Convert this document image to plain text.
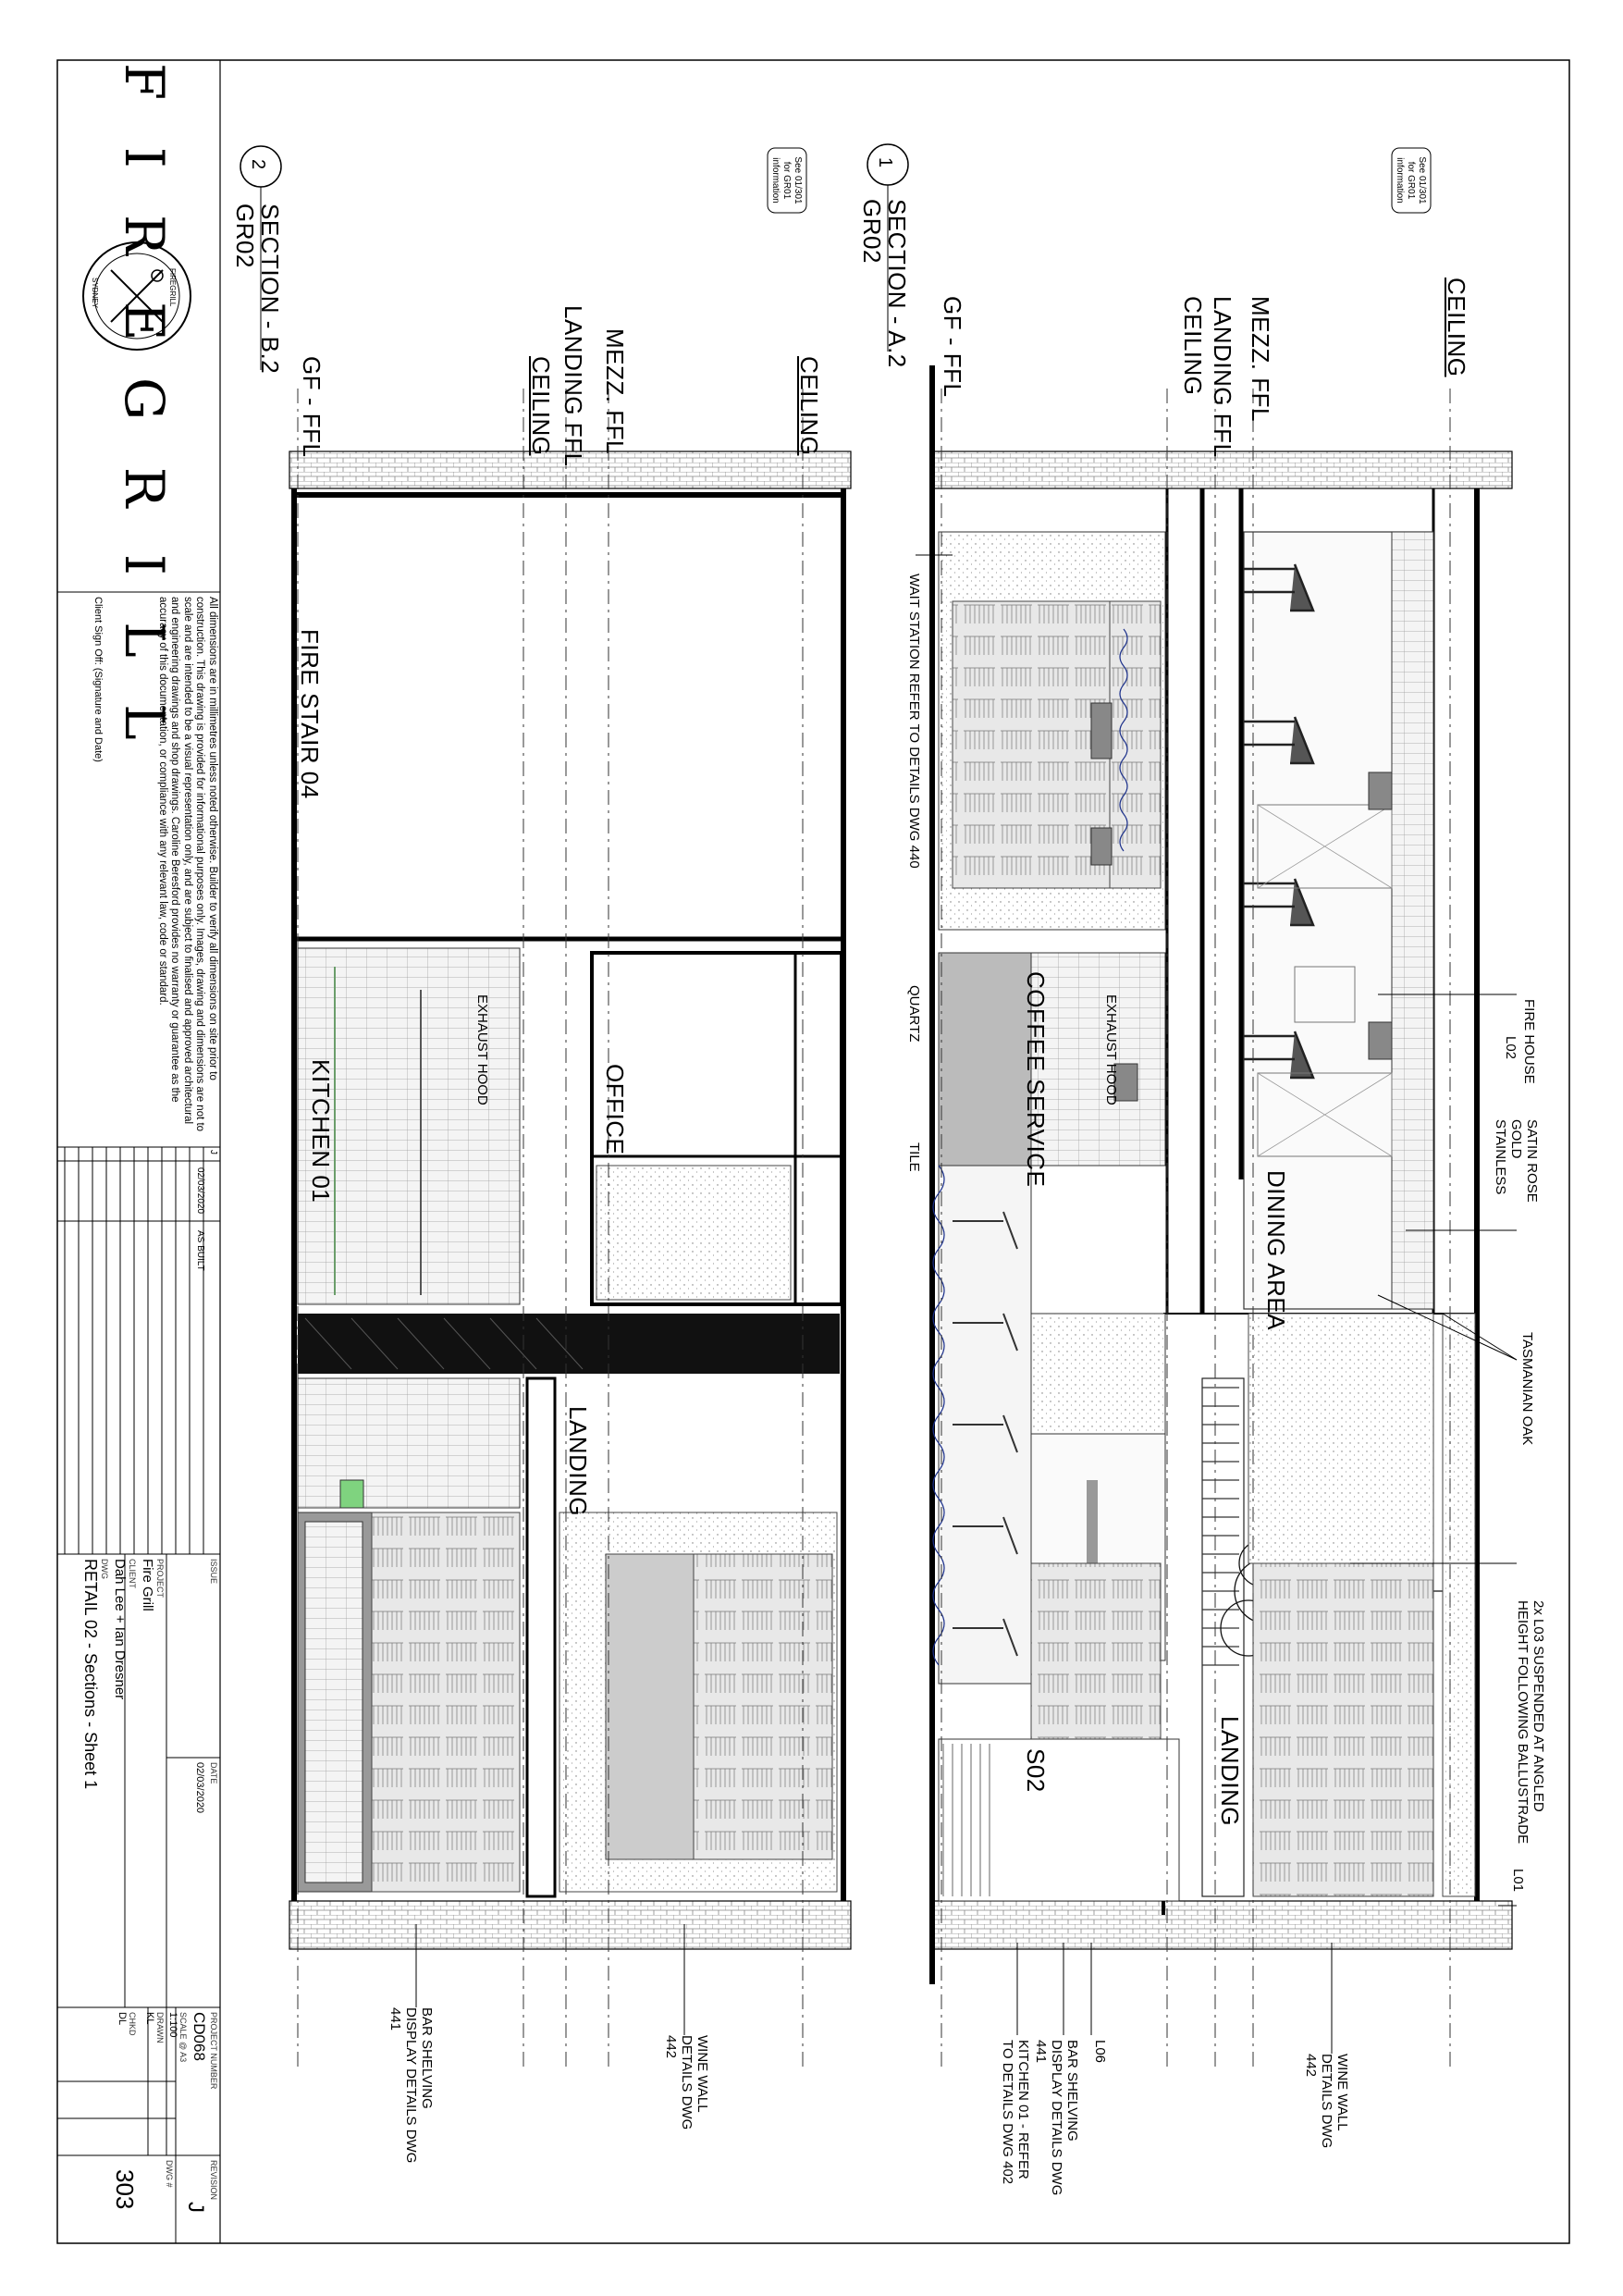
F I R E
G R I L L
FIREGRILL
SYDNEY
All dimensions are in millimetres unless noted otherwise. Builder to verify all dimensions on site prior to construction. This drawing is provided for informational purposes only. Images, drawing and dimensions are not to scale and are intended to be a visual representation only, and are subject to finalised and approved architectural and engineering drawings and shop drawings. Caroline Beresford provides no warranty or guarantee as the accuracy of this documentation, or compliance with any relevant law, code or standard.
Client Sign Off: (Signature and Date)
J
02/03/2020
AS BUILT
ISSUE
DATE
02/03/2020
PROJECT
Fire Grill
CLIENT
Dah Lee + Ian Dresner
DWG
RETAIL 02 - Sections - Sheet 1
PROJECT NUMBER
CD068
SCALE @ A3
1:100
DRAWN
KL
CHKD
DL
REVISION
J
DWG #
303
1
SECTION - A.2
GR02
See 01/301 for GR01 information
CEILING
MEZZ. FFL
LANDING FFL
CEILING
GF - FFL
FIRE HOUSE
L02
SATIN ROSE GOLD STAINLESS
TASMANIAN OAK
2x L03 SUSPENDED AT ANGLED HEIGHT FOLLOWING BALLUSTRADE
L01
DINING AREA
LANDING
COFFEE SERVICE	EXHAUST HOOD
QUARTZ
TILE
WAIT STATION REFER TO DETAILS DWG 440
S02
WINE WALL DETAILS DWG 442
L06
BAR SHELVING DISPLAY DETAILS DWG 441
KITCHEN 01 - REFER TO DETAILS DWG 402
2
SECTION - B.2
GR02
See 01/301 for GR01 information
CEILING
MEZZ. FFL
LANDING FFL
CEILING
GF - FFL
FIRE STAIR 04
KITCHEN 01
EXHAUST HOOD
OFFICE
LANDING
WINE WALL DETAILS DWG 442
BAR SHELVING DISPLAY DETAILS DWG 441
